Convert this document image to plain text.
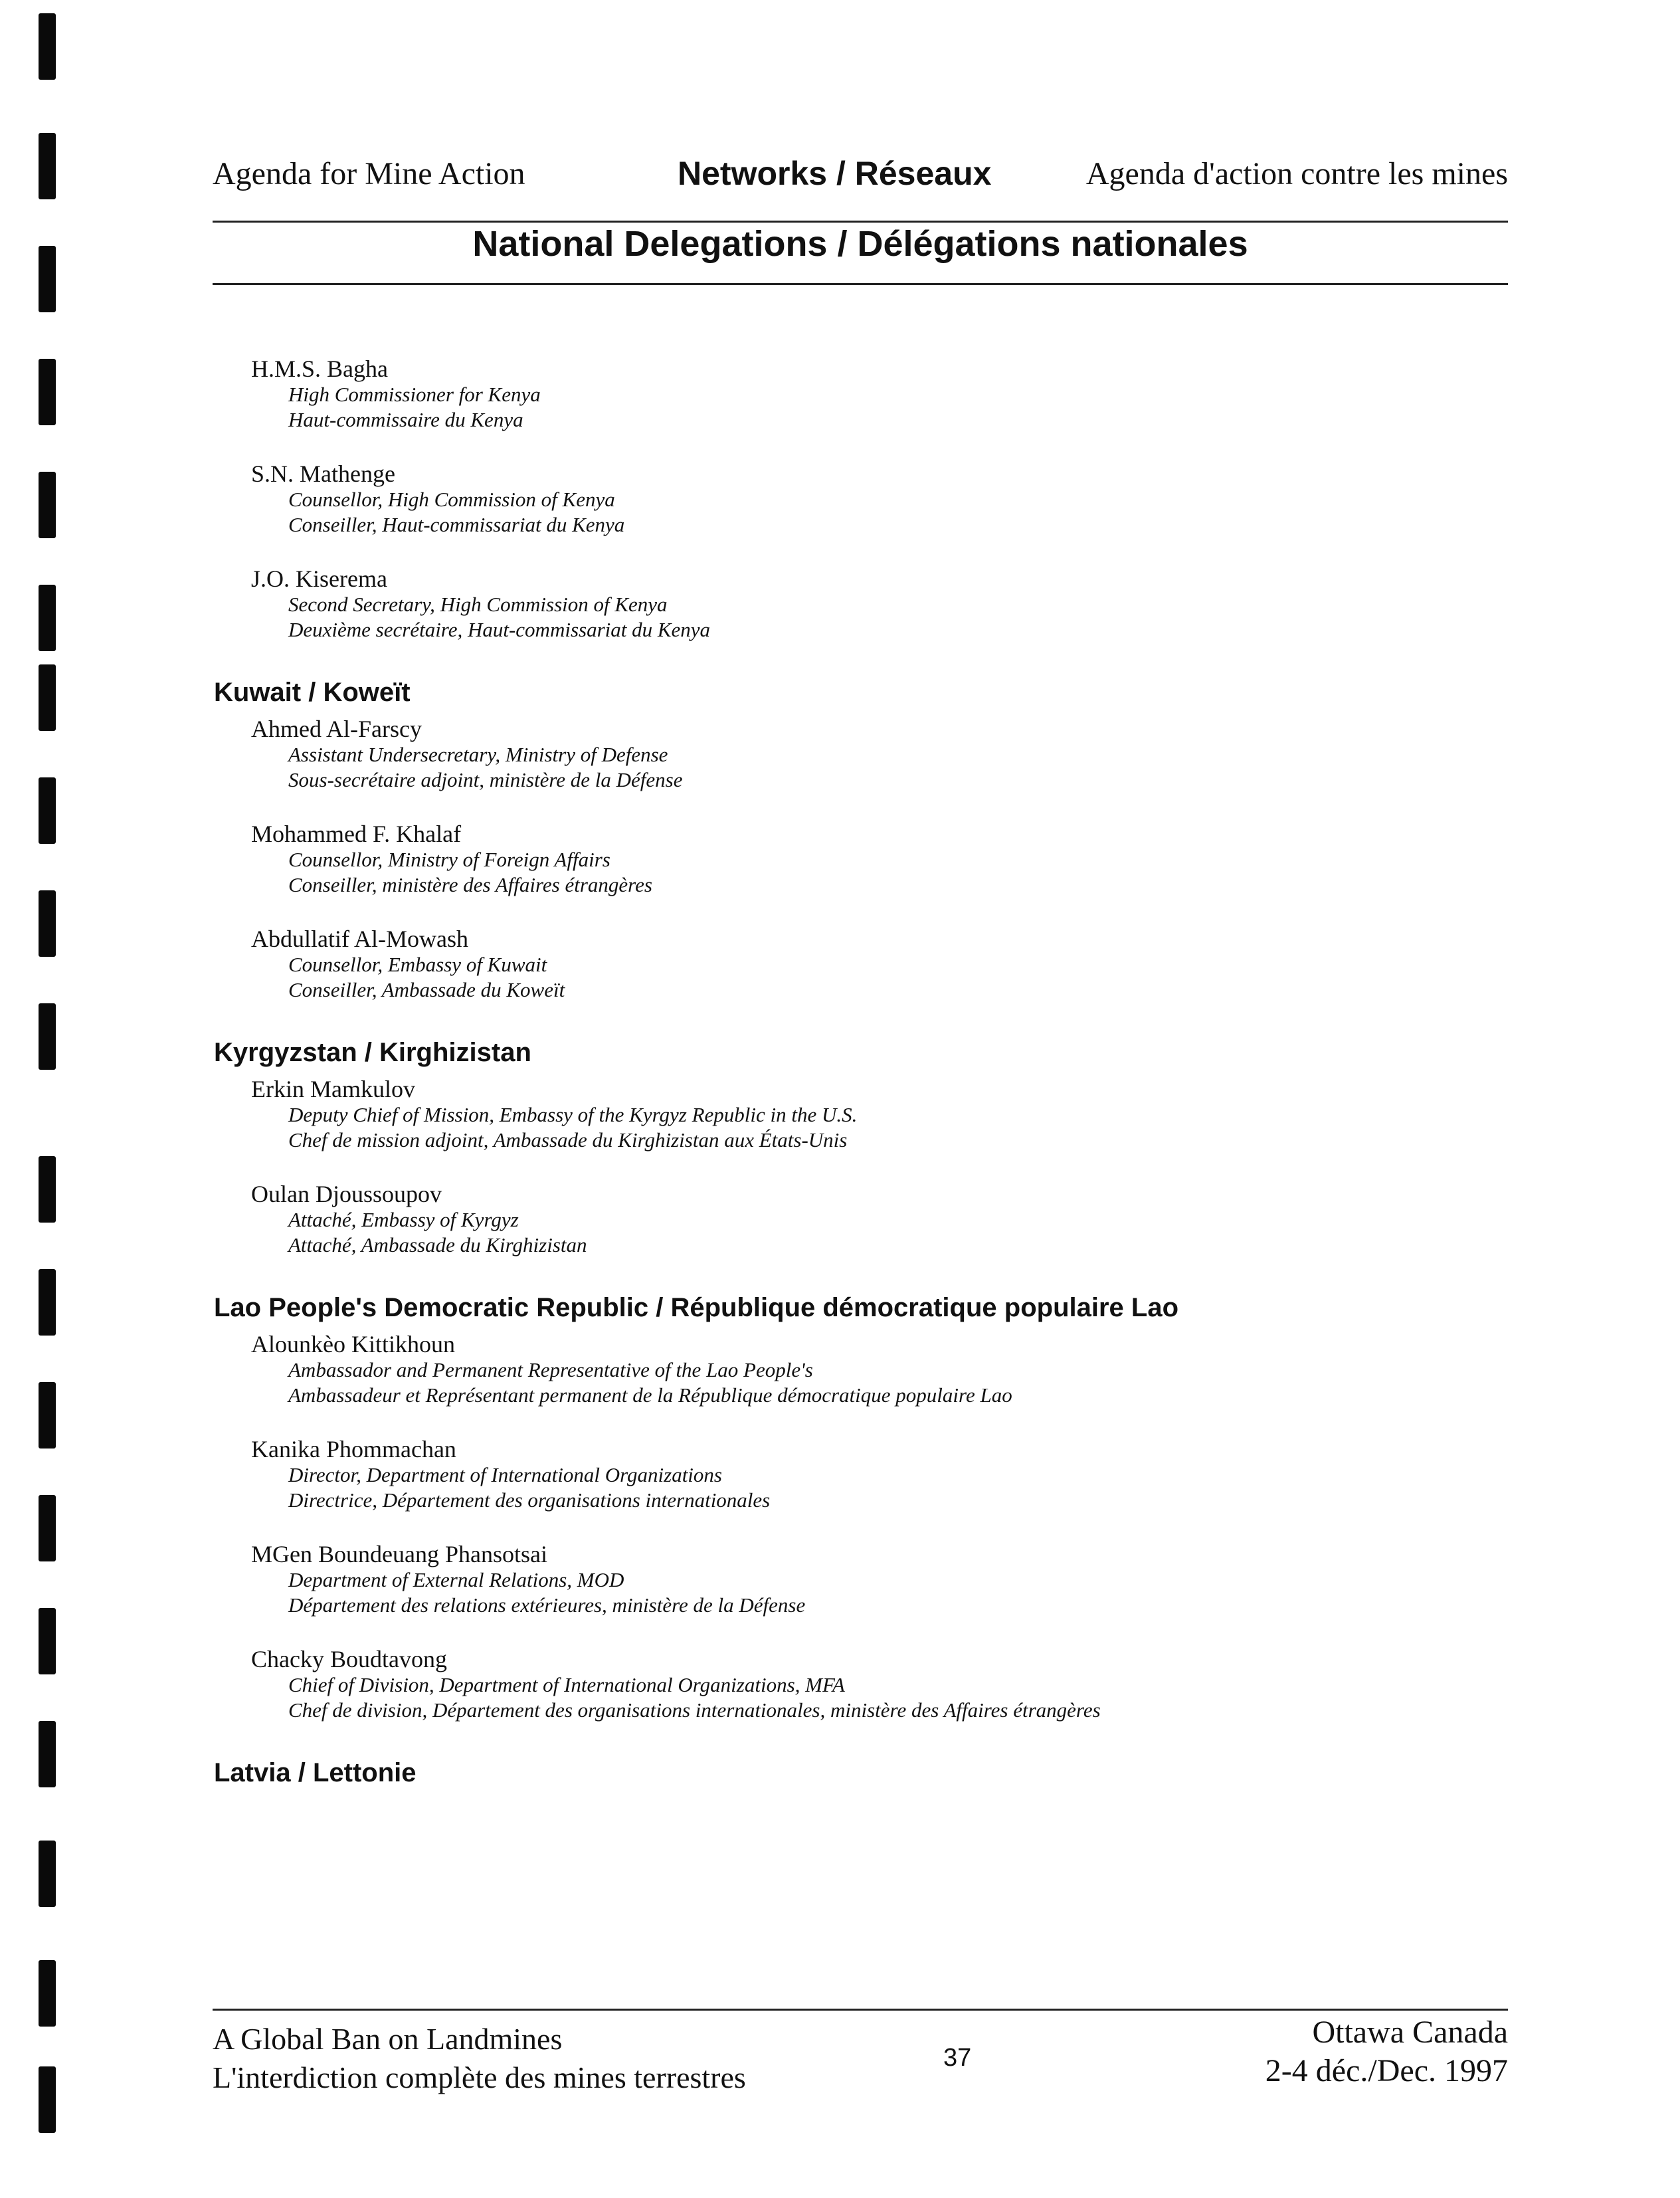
Agenda for Mine Action	Networks / Réseaux	Agenda d'action contre les mines
National Delegations / Délégations nationales
H.M.S. Bagha
High Commissioner for Kenya
Haut-commissaire du Kenya
S.N. Mathenge
Counsellor, High Commission of Kenya
Conseiller, Haut-commissariat du Kenya
J.O. Kiserema
Second Secretary, High Commission of Kenya
Deuxième secrétaire, Haut-commissariat du Kenya
Kuwait / Koweït
Ahmed Al-Farscy
Assistant Undersecretary, Ministry of Defense
Sous-secrétaire adjoint, ministère de la Défense
Mohammed F. Khalaf
Counsellor, Ministry of Foreign Affairs
Conseiller, ministère des Affaires étrangères
Abdullatif Al-Mowash
Counsellor, Embassy of Kuwait
Conseiller, Ambassade du Koweït
Kyrgyzstan / Kirghizistan
Erkin Mamkulov
Deputy Chief of Mission, Embassy of the Kyrgyz Republic in the U.S.
Chef de mission adjoint, Ambassade du Kirghizistan aux États-Unis
Oulan Djoussoupov
Attaché, Embassy of Kyrgyz
Attaché, Ambassade du Kirghizistan
Lao People's Democratic Republic / République démocratique populaire Lao
Alounkèo Kittikhoun
Ambassador and Permanent Representative of the Lao People's
Ambassadeur et Représentant permanent de la République démocratique populaire Lao
Kanika Phommachan
Director, Department of International Organizations
Directrice, Département des organisations internationales
MGen Boundeuang Phansotsai
Department of External Relations, MOD
Département des relations extérieures, ministère de la Défense
Chacky Boudtavong
Chief of Division, Department of International Organizations, MFA
Chef de division, Département des organisations internationales, ministère des Affaires étrangères
Latvia / Lettonie
A Global Ban on Landmines
L'interdiction complète des mines terrestres
37
Ottawa Canada
2-4 déc./Dec. 1997
